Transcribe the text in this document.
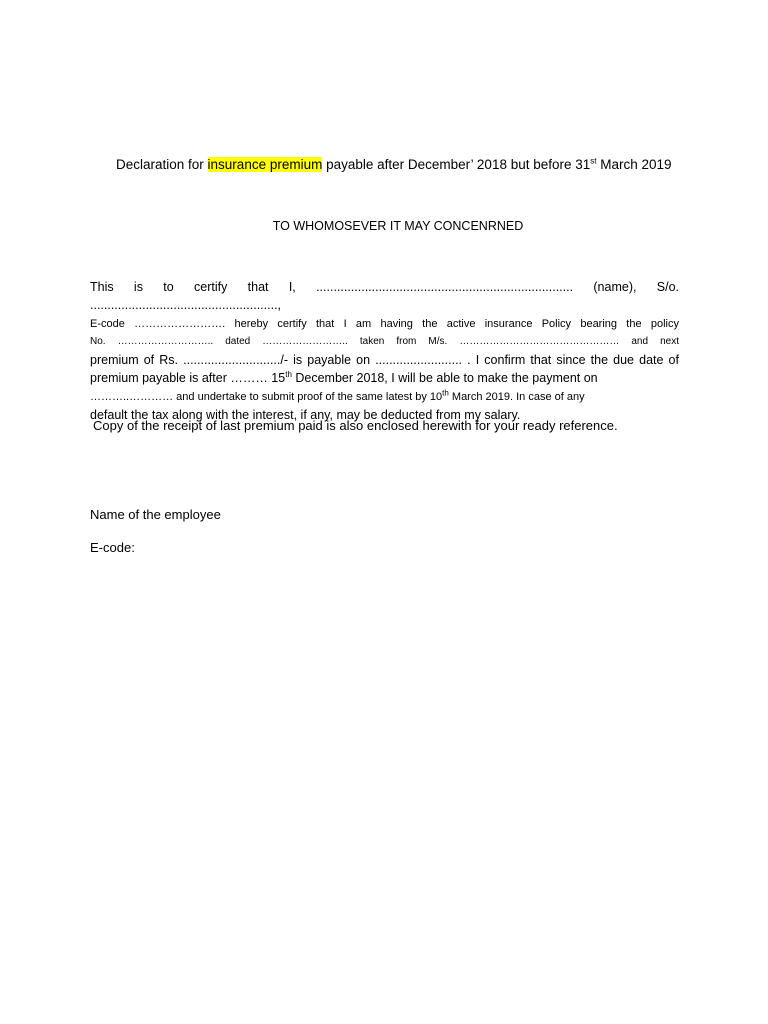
Declaration for insurance premium payable after December’ 2018 but before 31st March 2019
TO WHOMOSEVER IT MAY CONCENRNED
This is to certify that I, .......................................................................... (name), S/o. ......................................................,
E-code ……………………. hereby certify that I am having the active insurance Policy bearing the policy
No. ……………………….. dated …………………….. taken from M/s. ………………………………………… and next
premium of Rs. ............................/- is payable on ......................... . I confirm that since the due date of
premium payable is after ……… 15th December 2018, I will be able to make the payment on
………..………… and undertake to submit proof of the same latest by 10th March 2019. In case of any
default the tax along with the interest, if any, may be deducted from my salary.
Copy of the receipt of last premium paid is also enclosed herewith for your ready reference.
Name of the employee
E-code:
